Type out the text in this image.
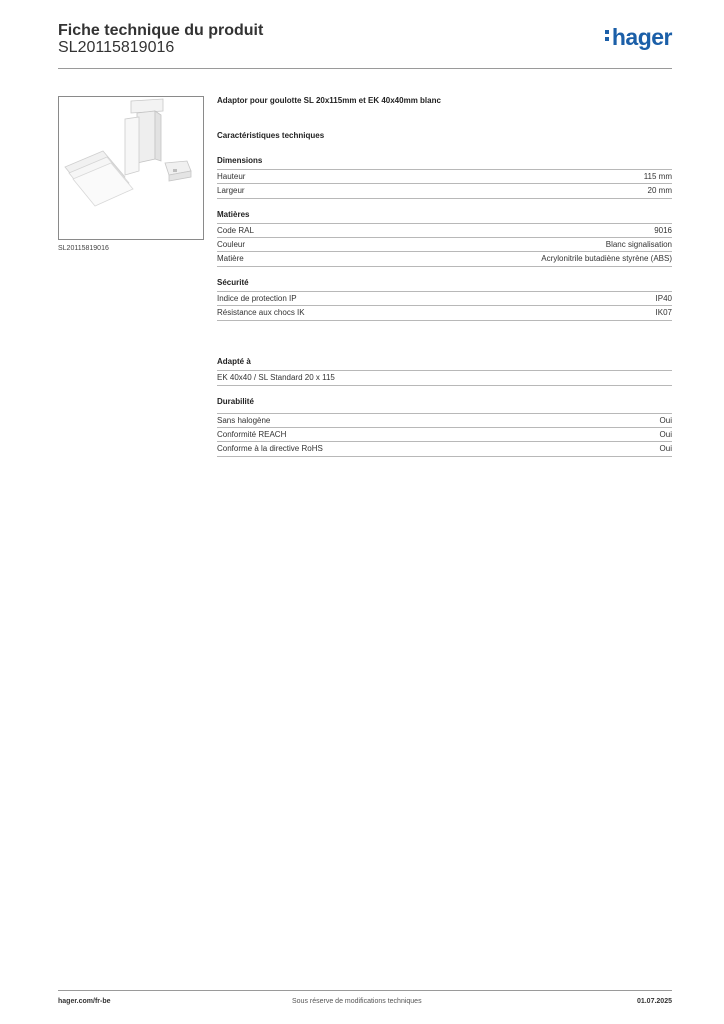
Fiche technique du produit
SL20115819016	hager
SL20115819016
Adaptor pour goulotte SL 20x115mm et EK 40x40mm blanc
Caractéristiques techniques
Dimensions
Hauteur	115 mm
Largeur	20 mm
Matières
Code RAL	9016
Couleur	Blanc signalisation
Matière	Acrylonitrile butadiène styrène (ABS)
Sécurité
Indice de protection IP	IP40
Résistance aux chocs IK	IK07
Adapté à
EK 40x40 / SL Standard 20 x 115
Durabilité
Sans halogène	Oui
Conformité REACH	Oui
Conforme à la directive RoHS	Oui
hager.com/fr-be	Sous réserve de modifications techniques	01.07.2025
